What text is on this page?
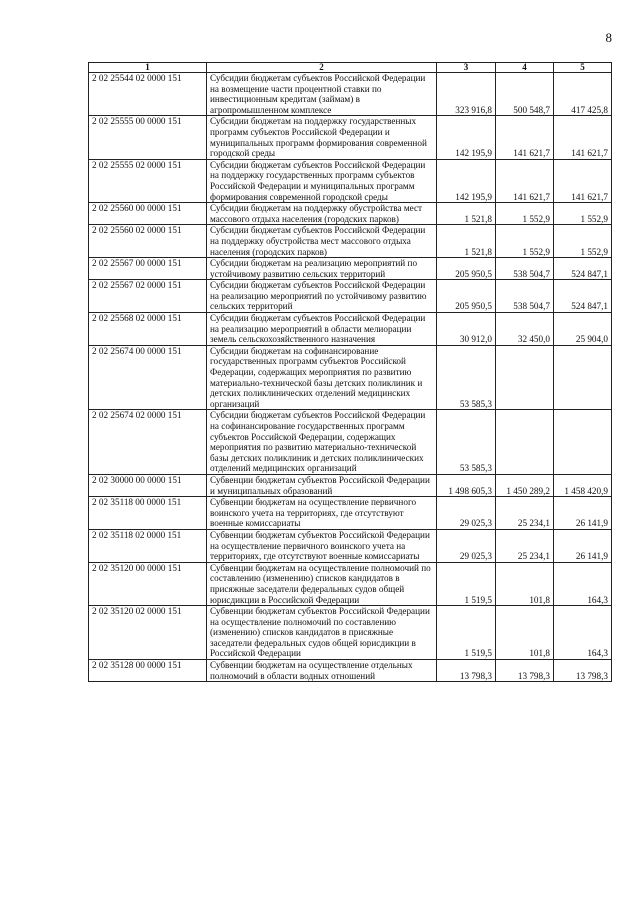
8
1	2	3	4	5
2 02 25544 02 0000 151	Субсидии бюджетам субъектов Российской Федерации на возмещение части процентной ставки по инвестиционным кредитам (займам) в агропромышленном комплексе	323 916,8	500 548,7	417 425,8
2 02 25555 00 0000 151	Субсидии бюджетам на поддержку государственных программ субъектов Российской Федерации и муниципальных программ формирования современной городской среды	142 195,9	141 621,7	141 621,7
2 02 25555 02 0000 151	Субсидии бюджетам субъектов Российской Федерации на поддержку государственных программ субъектов Российской Федерации и муниципальных программ формирования современной городской среды	142 195,9	141 621,7	141 621,7
2 02 25560 00 0000 151	Субсидии бюджетам на поддержку обустройства мест массового отдыха населения (городских парков)	1 521,8	1 552,9	1 552,9
2 02 25560 02 0000 151	Субсидии бюджетам субъектов Российской Федерации на поддержку обустройства мест массового отдыха населения (городских парков)	1 521,8	1 552,9	1 552,9
2 02 25567 00 0000 151	Субсидии бюджетам на реализацию мероприятий по устойчивому развитию сельских территорий	205 950,5	538 504,7	524 847,1
2 02 25567 02 0000 151	Субсидии бюджетам субъектов Российской Федерации на реализацию мероприятий по устойчивому развитию сельских территорий	205 950,5	538 504,7	524 847,1
2 02 25568 02 0000 151	Субсидии бюджетам субъектов Российской Федерации на реализацию мероприятий в области мелиорации земель сельскохозяйственного назначения	30 912,0	32 450,0	25 904,0
2 02 25674 00 0000 151	Субсидии бюджетам на софинансирование государственных программ субъектов Российской Федерации, содержащих мероприятия по развитию материально-технической базы детских поликлиник и детских поликлинических отделений медицинских организаций	53 585,3		
2 02 25674 02 0000 151	Субсидии бюджетам субъектов Российской Федерации на софинансирование государственных программ субъектов Российской Федерации, содержащих мероприятия по развитию материально-технической базы детских поликлиник и детских поликлинических отделений медицинских организаций	53 585,3		
2 02 30000 00 0000 151	Субвенции бюджетам субъектов Российской Федерации и муниципальных образований	1 498 605,3	1 450 289,2	1 458 420,9
2 02 35118 00 0000 151	Субвенции бюджетам на осуществление первичного воинского учета на территориях, где отсутствуют военные комиссариаты	29 025,3	25 234,1	26 141,9
2 02 35118 02 0000 151	Субвенции бюджетам субъектов Российской Федерации на осуществление первичного воинского учета на территориях, где отсутствуют военные комиссариаты	29 025,3	25 234,1	26 141,9
2 02 35120 00 0000 151	Субвенции бюджетам на осуществление полномочий по составлению (изменению) списков кандидатов в присяжные заседатели федеральных судов общей юрисдикции в Российской Федерации	1 519,5	101,8	164,3
2 02 35120 02 0000 151	Субвенции бюджетам субъектов Российской Федерации на осуществление полномочий по составлению (изменению) списков кандидатов в присяжные заседатели федеральных судов общей юрисдикции в Российской Федерации	1 519,5	101,8	164,3
2 02 35128 00 0000 151	Субвенции бюджетам на осуществление отдельных полномочий в области водных отношений	13 798,3	13 798,3	13 798,3
